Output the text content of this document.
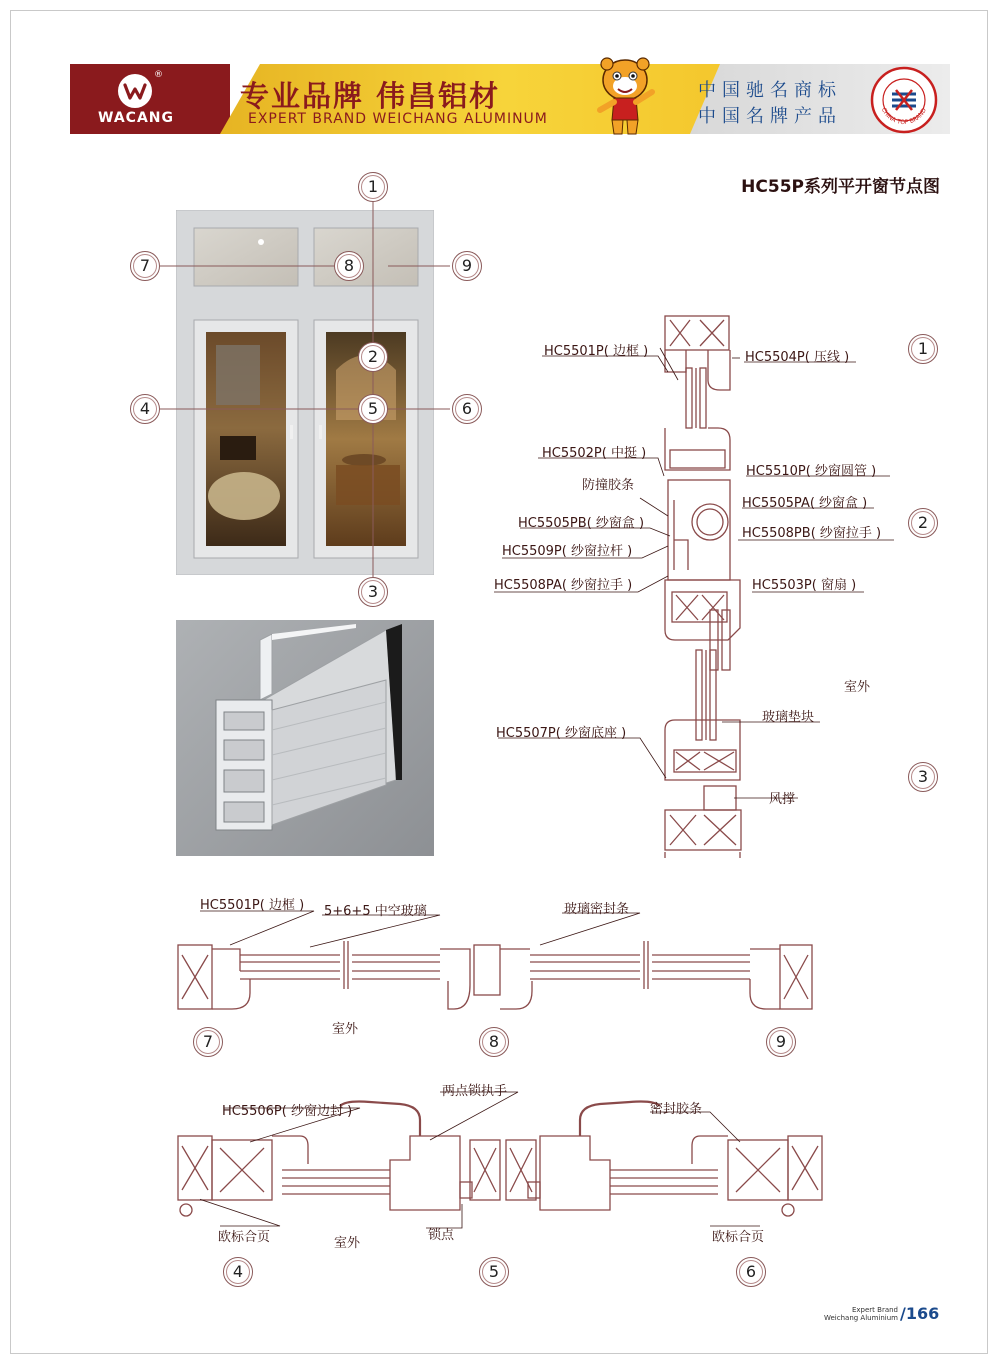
®
WACANG
专业品牌 伟昌铝材
EXPERT BRAND WEICHANG ALUMINUM
中国驰名商标
中国名牌产品	CHINA TOP BRAND
HC55P系列平开窗节点图
1
2
3
4	5	6
7	8	9
HC5501P( 边框 )	HC5504P( 压线 )
HC5502P( 中挺 )
HC5510P( 纱窗圆管 )
防撞胶条
HC5505PA( 纱窗盒 )
HC5505PB( 纱窗盒 )
HC5508PB( 纱窗拉手 )
HC5509P( 纱窗拉杆 )
HC5508PA( 纱窗拉手 )	HC5503P( 窗扇 )
室外
HC5507P( 纱窗底座 )
玻璃垫块
风撑
1
2
3
HC5501P( 边框 ) 5+6+5 中空玻璃	玻璃密封条
室外
7	8	9
HC5506P( 纱窗边封 )
两点锁执手
密封胶条
欧标合页	室外
锁点	欧标合页
4	5	6
Expert Brand
Weichang Aluminium /166
